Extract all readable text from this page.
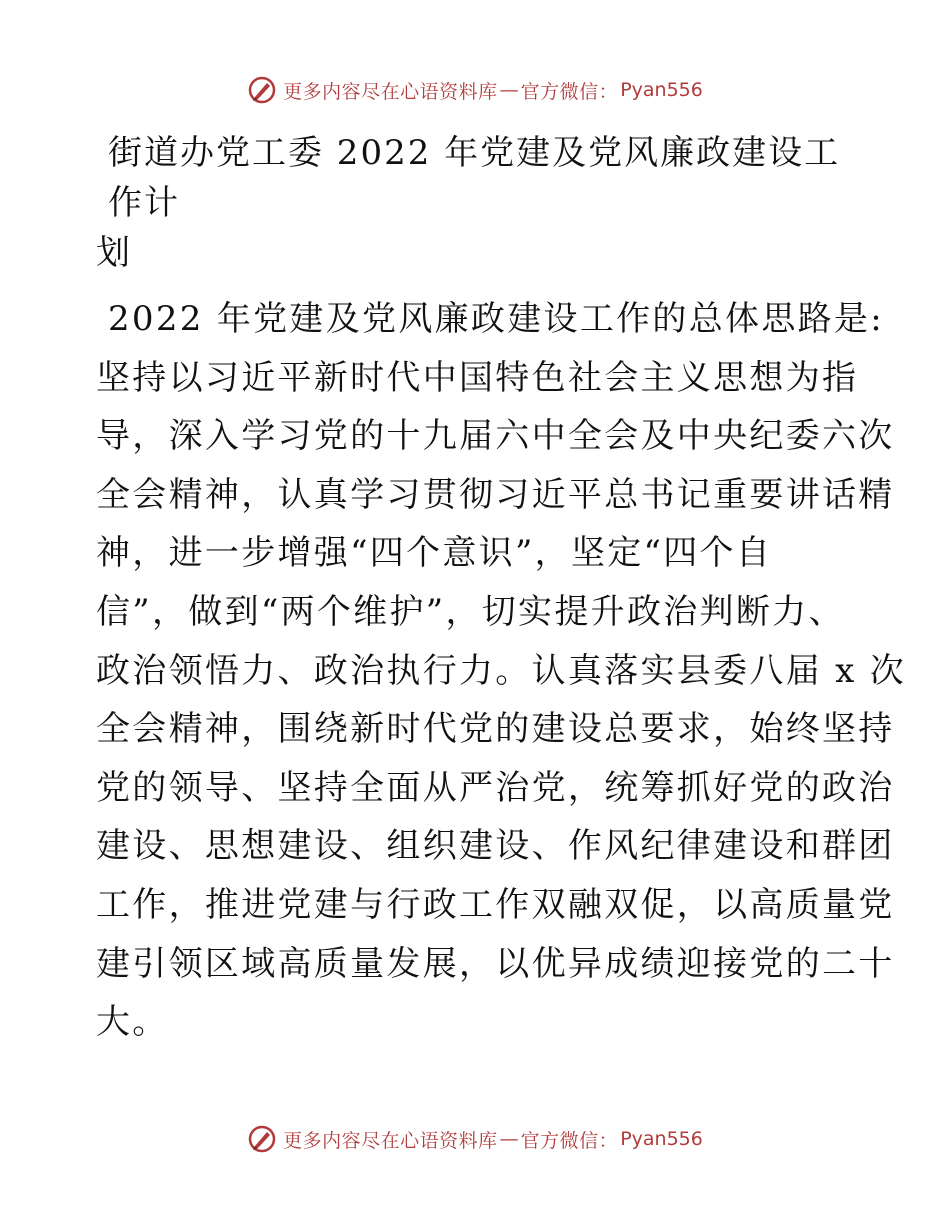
更多内容尽在心语资料库 — 官方微信： Pyan556
街道办党工委 2022 年党建及党风廉政建设工作计
划

2022 年党建及党风廉政建设工作的总体思路是:
坚持以习近平新时代中国特色社会主义思想为指
导，深入学习党的十九届六中全会及中央纪委六次
全会精神，认真学习贯彻习近平总书记重要讲话精
神，进一步增强“四个意识”，坚定“四个自
信”，做到“两个维护”，切实提升政治判断力、
政治领悟力、政治执行力。认真落实县委八届 x 次
全会精神，围绕新时代党的建设总要求，始终坚持
党的领导、坚持全面从严治党，统筹抓好党的政治
建设、思想建设、组织建设、作风纪律建设和群团
工作，推进党建与行政工作双融双促，以高质量党
建引领区域高质量发展，以优异成绩迎接党的二十
大。

更多内容尽在心语资料库 — 官方微信： Pyan556
